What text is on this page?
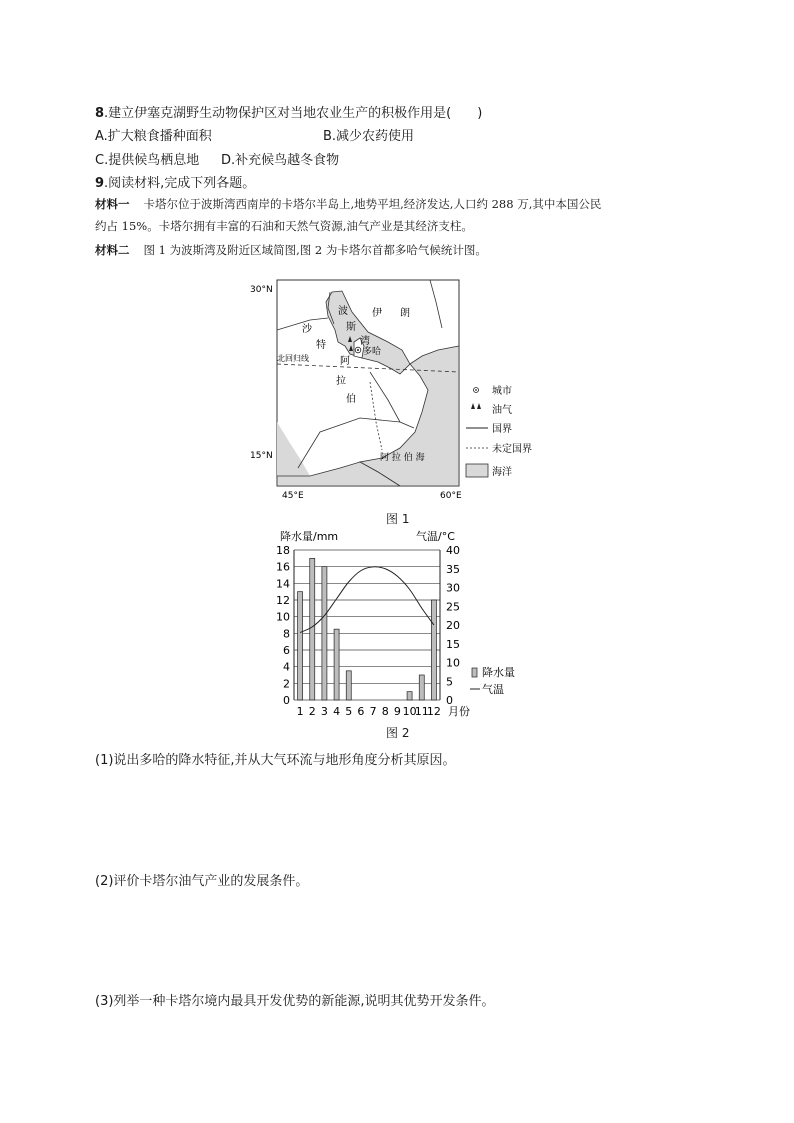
8.建立伊塞克湖野生动物保护区对当地农业生产的积极作用是(　　)
A.扩大粮食播种面积	B.减少农药使用
C.提供候鸟栖息地 D.补充候鸟越冬食物
9.阅读材料,完成下列各题。
材料一 卡塔尔位于波斯湾西南岸的卡塔尔半岛上,地势平坦,经济发达,人口约 288 万,其中本国公民
约占 15%。卡塔尔拥有丰富的石油和天然气资源,油气产业是其经济支柱。
材料二 图 1 为波斯湾及附近区域简图,图 2 为卡塔尔首都多哈气候统计图。
30°N
15°N
45°E	60°E
北回归线
波
斯
湾
伊 朗
沙
特
阿
拉
伯
多哈
阿 拉 伯 海
城市
油气
国界
未定国界
海洋
图 1
降水量/mm	气温/°C
0
2
4
6
8
10
12
14
16
18
0
5
10
15
20
25
30
35
40
1 2 3 4 5 6 7 8 9 10
11
12
降水量
气温
月份
图 2
(1)说出多哈的降水特征,并从大气环流与地形角度分析其原因。
(2)评价卡塔尔油气产业的发展条件。
(3)列举一种卡塔尔境内最具开发优势的新能源,说明其优势开发条件。
